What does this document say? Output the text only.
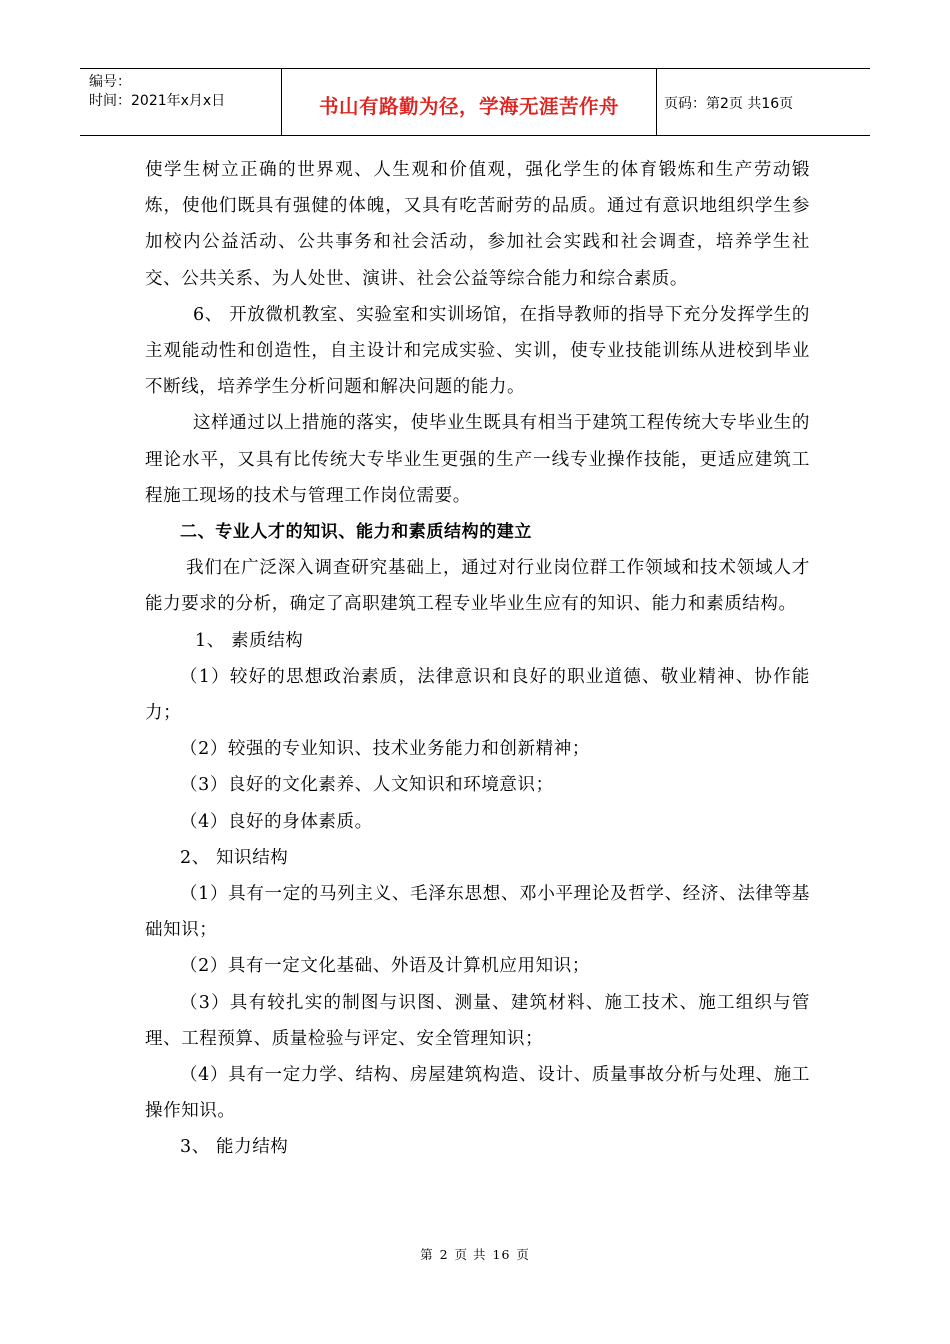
编号：
时间：2021年x月x日	书山有路勤为径，学海无涯苦作舟	页码：第2页 共16页

使学生树立正确的世界观、人生观和价值观，强化学生的体育锻炼和生产劳动锻炼，使他们既具有强健的体魄，又具有吃苦耐劳的品质。通过有意识地组织学生参加校内公益活动、公共事务和社会活动，参加社会实践和社会调查，培养学生社交、公共关系、为人处世、演讲、社会公益等综合能力和综合素质。

6、 开放微机教室、实验室和实训场馆，在指导教师的指导下充分发挥学生的主观能动性和创造性，自主设计和完成实验、实训，使专业技能训练从进校到毕业不断线，培养学生分析问题和解决问题的能力。

这样通过以上措施的落实，使毕业生既具有相当于建筑工程传统大专毕业生的理论水平，又具有比传统大专毕业生更强的生产一线专业操作技能，更适应建筑工程施工现场的技术与管理工作岗位需要。

二、专业人才的知识、能力和素质结构的建立

我们在广泛深入调查研究基础上，通过对行业岗位群工作领域和技术领域人才能力要求的分析，确定了高职建筑工程专业毕业生应有的知识、能力和素质结构。

1、 素质结构

（1）较好的思想政治素质，法律意识和良好的职业道德、敬业精神、协作能力；

（2）较强的专业知识、技术业务能力和创新精神；

（3）良好的文化素养、人文知识和环境意识；

（4）良好的身体素质。

2、 知识结构

（1）具有一定的马列主义、毛泽东思想、邓小平理论及哲学、经济、法律等基础知识；

（2）具有一定文化基础、外语及计算机应用知识；

（3）具有较扎实的制图与识图、测量、建筑材料、施工技术、施工组织与管理、工程预算、质量检验与评定、安全管理知识；

（4）具有一定力学、结构、房屋建筑构造、设计、质量事故分析与处理、施工操作知识。

3、 能力结构

第 2 页 共 16 页
